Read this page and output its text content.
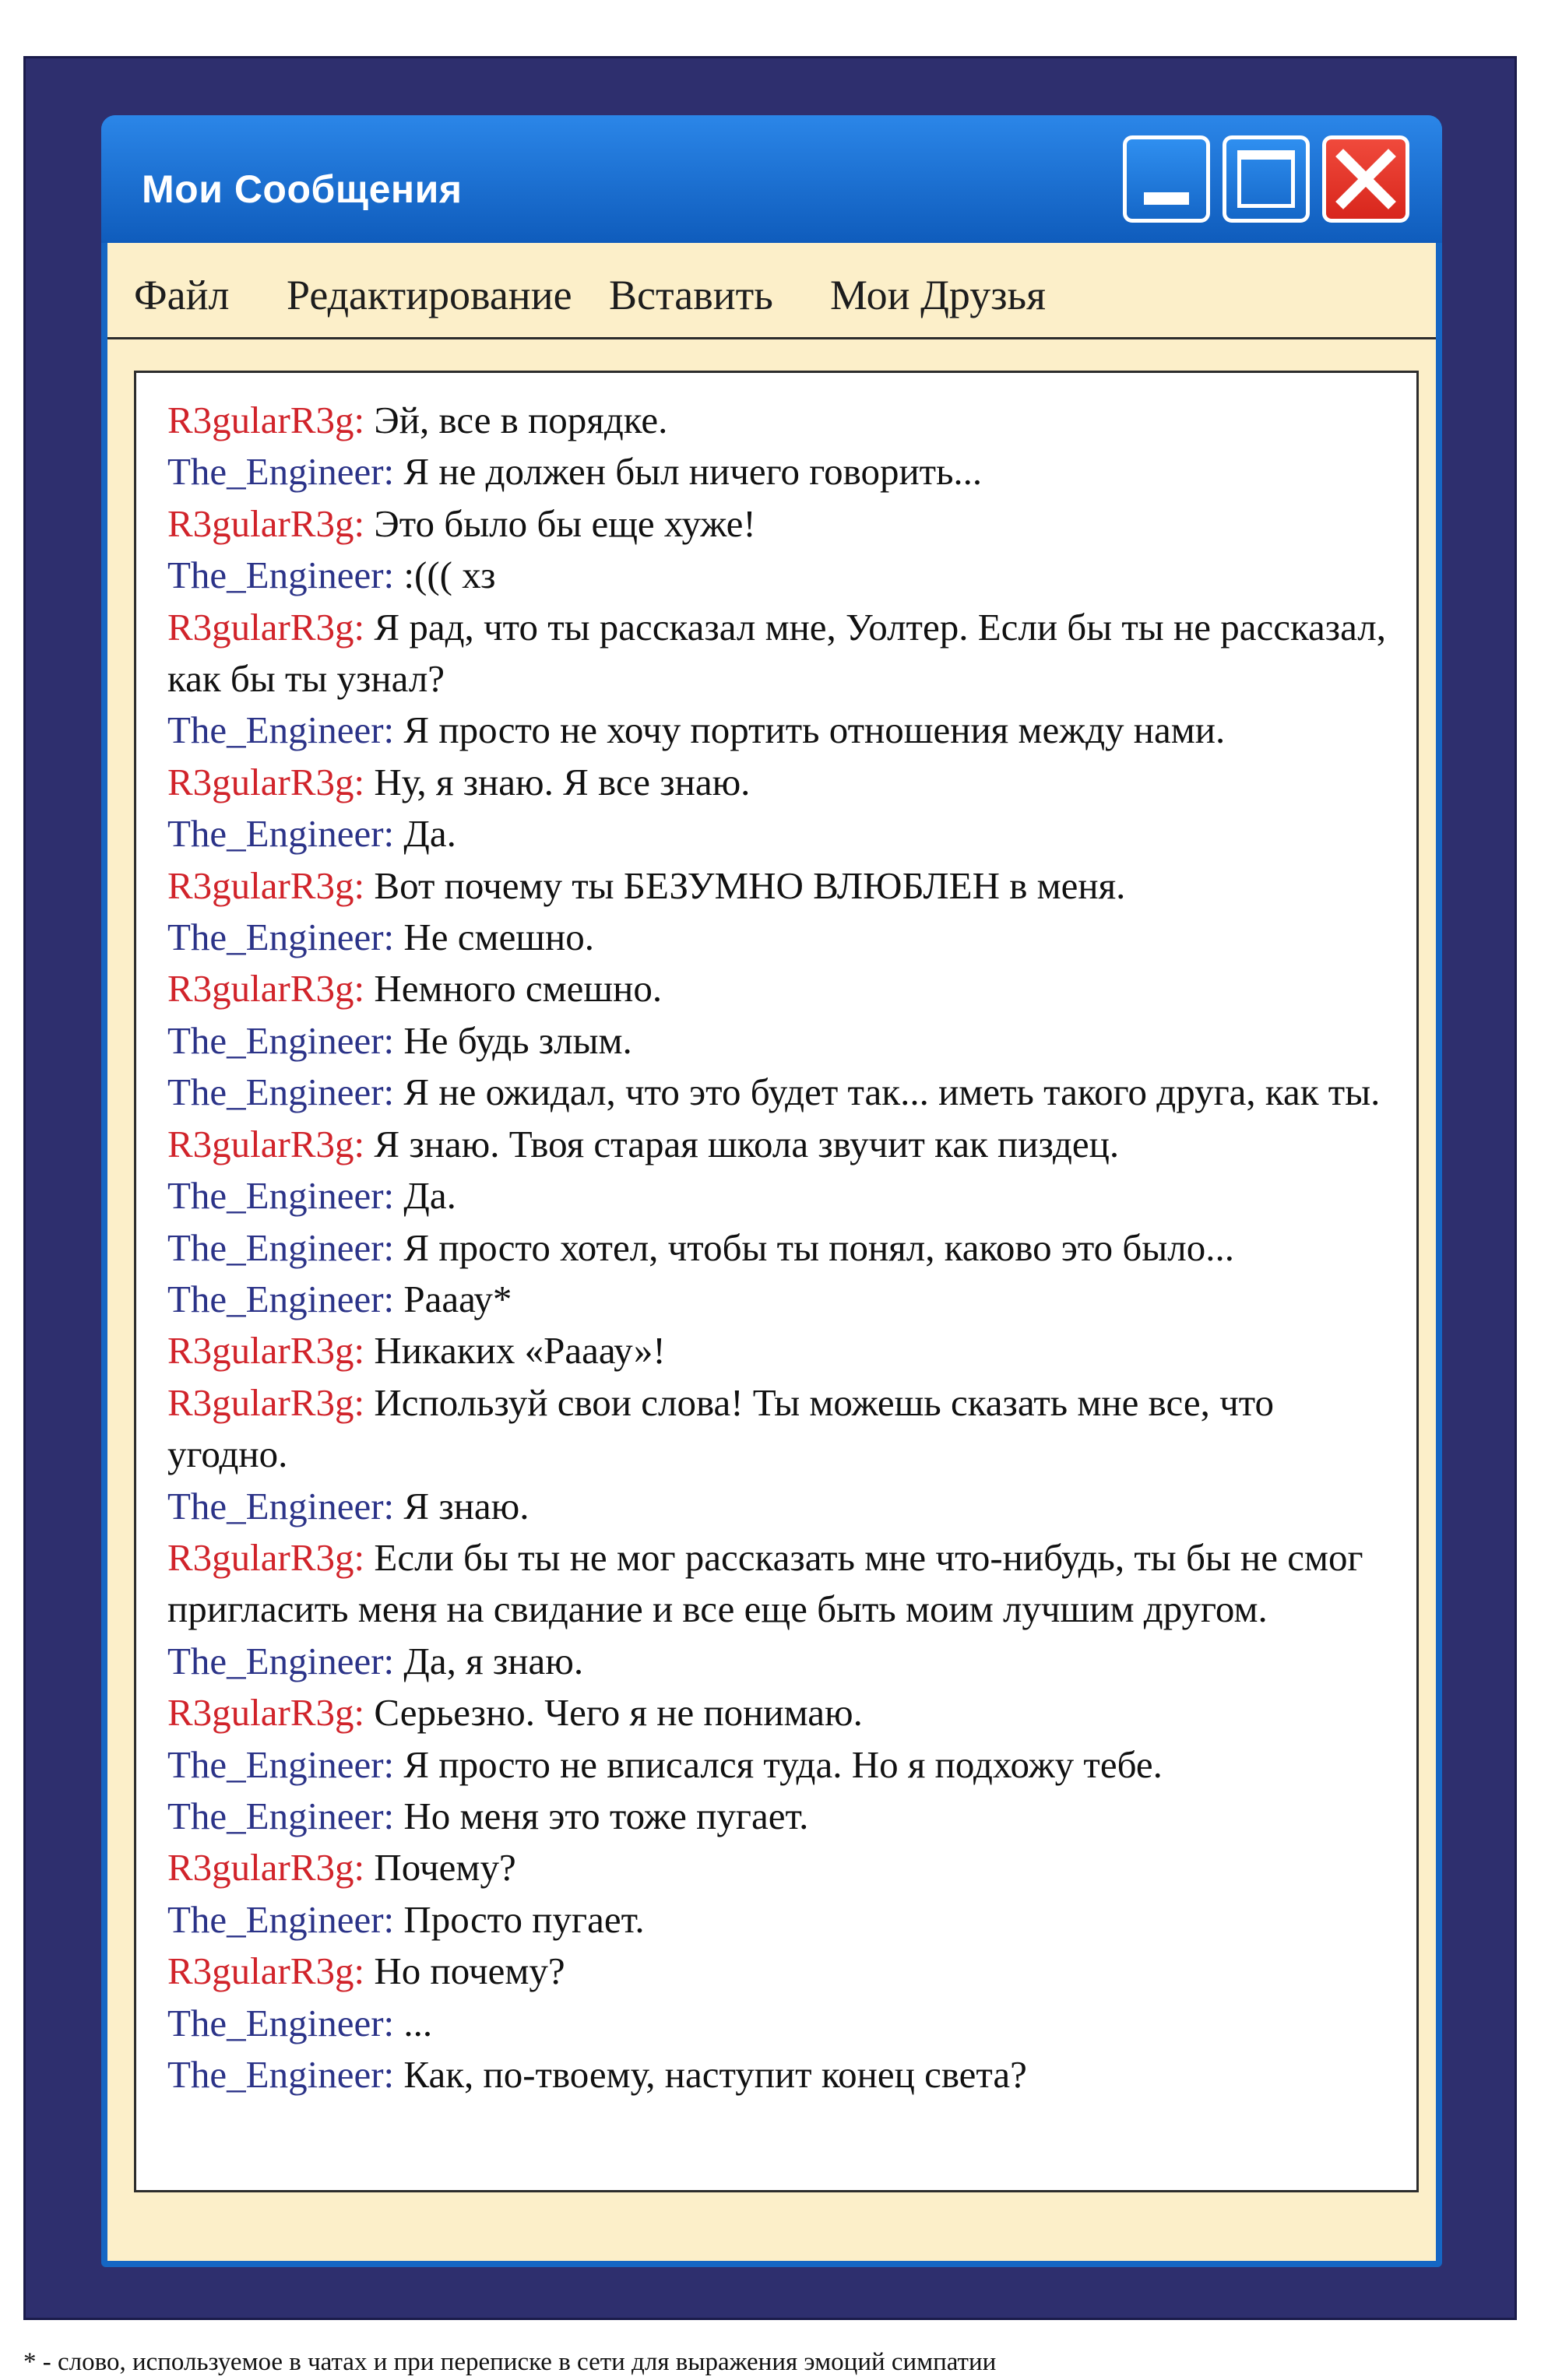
Мои Сообщения
Файл Редактирование Вставить Мои Друзья
R3gularR3g: Эй, все в порядке.
The_Engineer: Я не должен был ничего говорить...
R3gularR3g: Это было бы еще хуже!
The_Engineer: :((( хз
R3gularR3g: Я рад, что ты рассказал мне, Уолтер. Если бы ты не рассказал, как бы ты узнал?
The_Engineer: Я просто не хочу портить отношения между нами.
R3gularR3g: Ну, я знаю. Я все знаю.
The_Engineer: Да.
R3gularR3g: Вот почему ты БЕЗУМНО ВЛЮБЛЕН в меня.
The_Engineer: Не смешно.
R3gularR3g: Немного смешно.
The_Engineer: Не будь злым.
The_Engineer: Я не ожидал, что это будет так... иметь такого друга, как ты.
R3gularR3g: Я знаю. Твоя старая школа звучит как пиздец.
The_Engineer: Да.
The_Engineer: Я просто хотел, чтобы ты понял, каково это было...
The_Engineer: Рааау*
R3gularR3g: Никаких «Рааау»!
R3gularR3g: Используй свои слова! Ты можешь сказать мне все, что угодно.
The_Engineer: Я знаю.
R3gularR3g: Если бы ты не мог рассказать мне что-нибудь, ты бы не смог пригласить меня на свидание и все еще быть моим лучшим другом.
The_Engineer: Да, я знаю.
R3gularR3g: Серьезно. Чего я не понимаю.
The_Engineer: Я просто не вписался туда. Но я подхожу тебе.
The_Engineer: Но меня это тоже пугает.
R3gularR3g: Почему?
The_Engineer: Просто пугает.
R3gularR3g: Но почему?
The_Engineer: ...
The_Engineer: Как, по-твоему, наступит конец света?
* - слово, используемое в чатах и при переписке в сети для выражения эмоций симпатии
